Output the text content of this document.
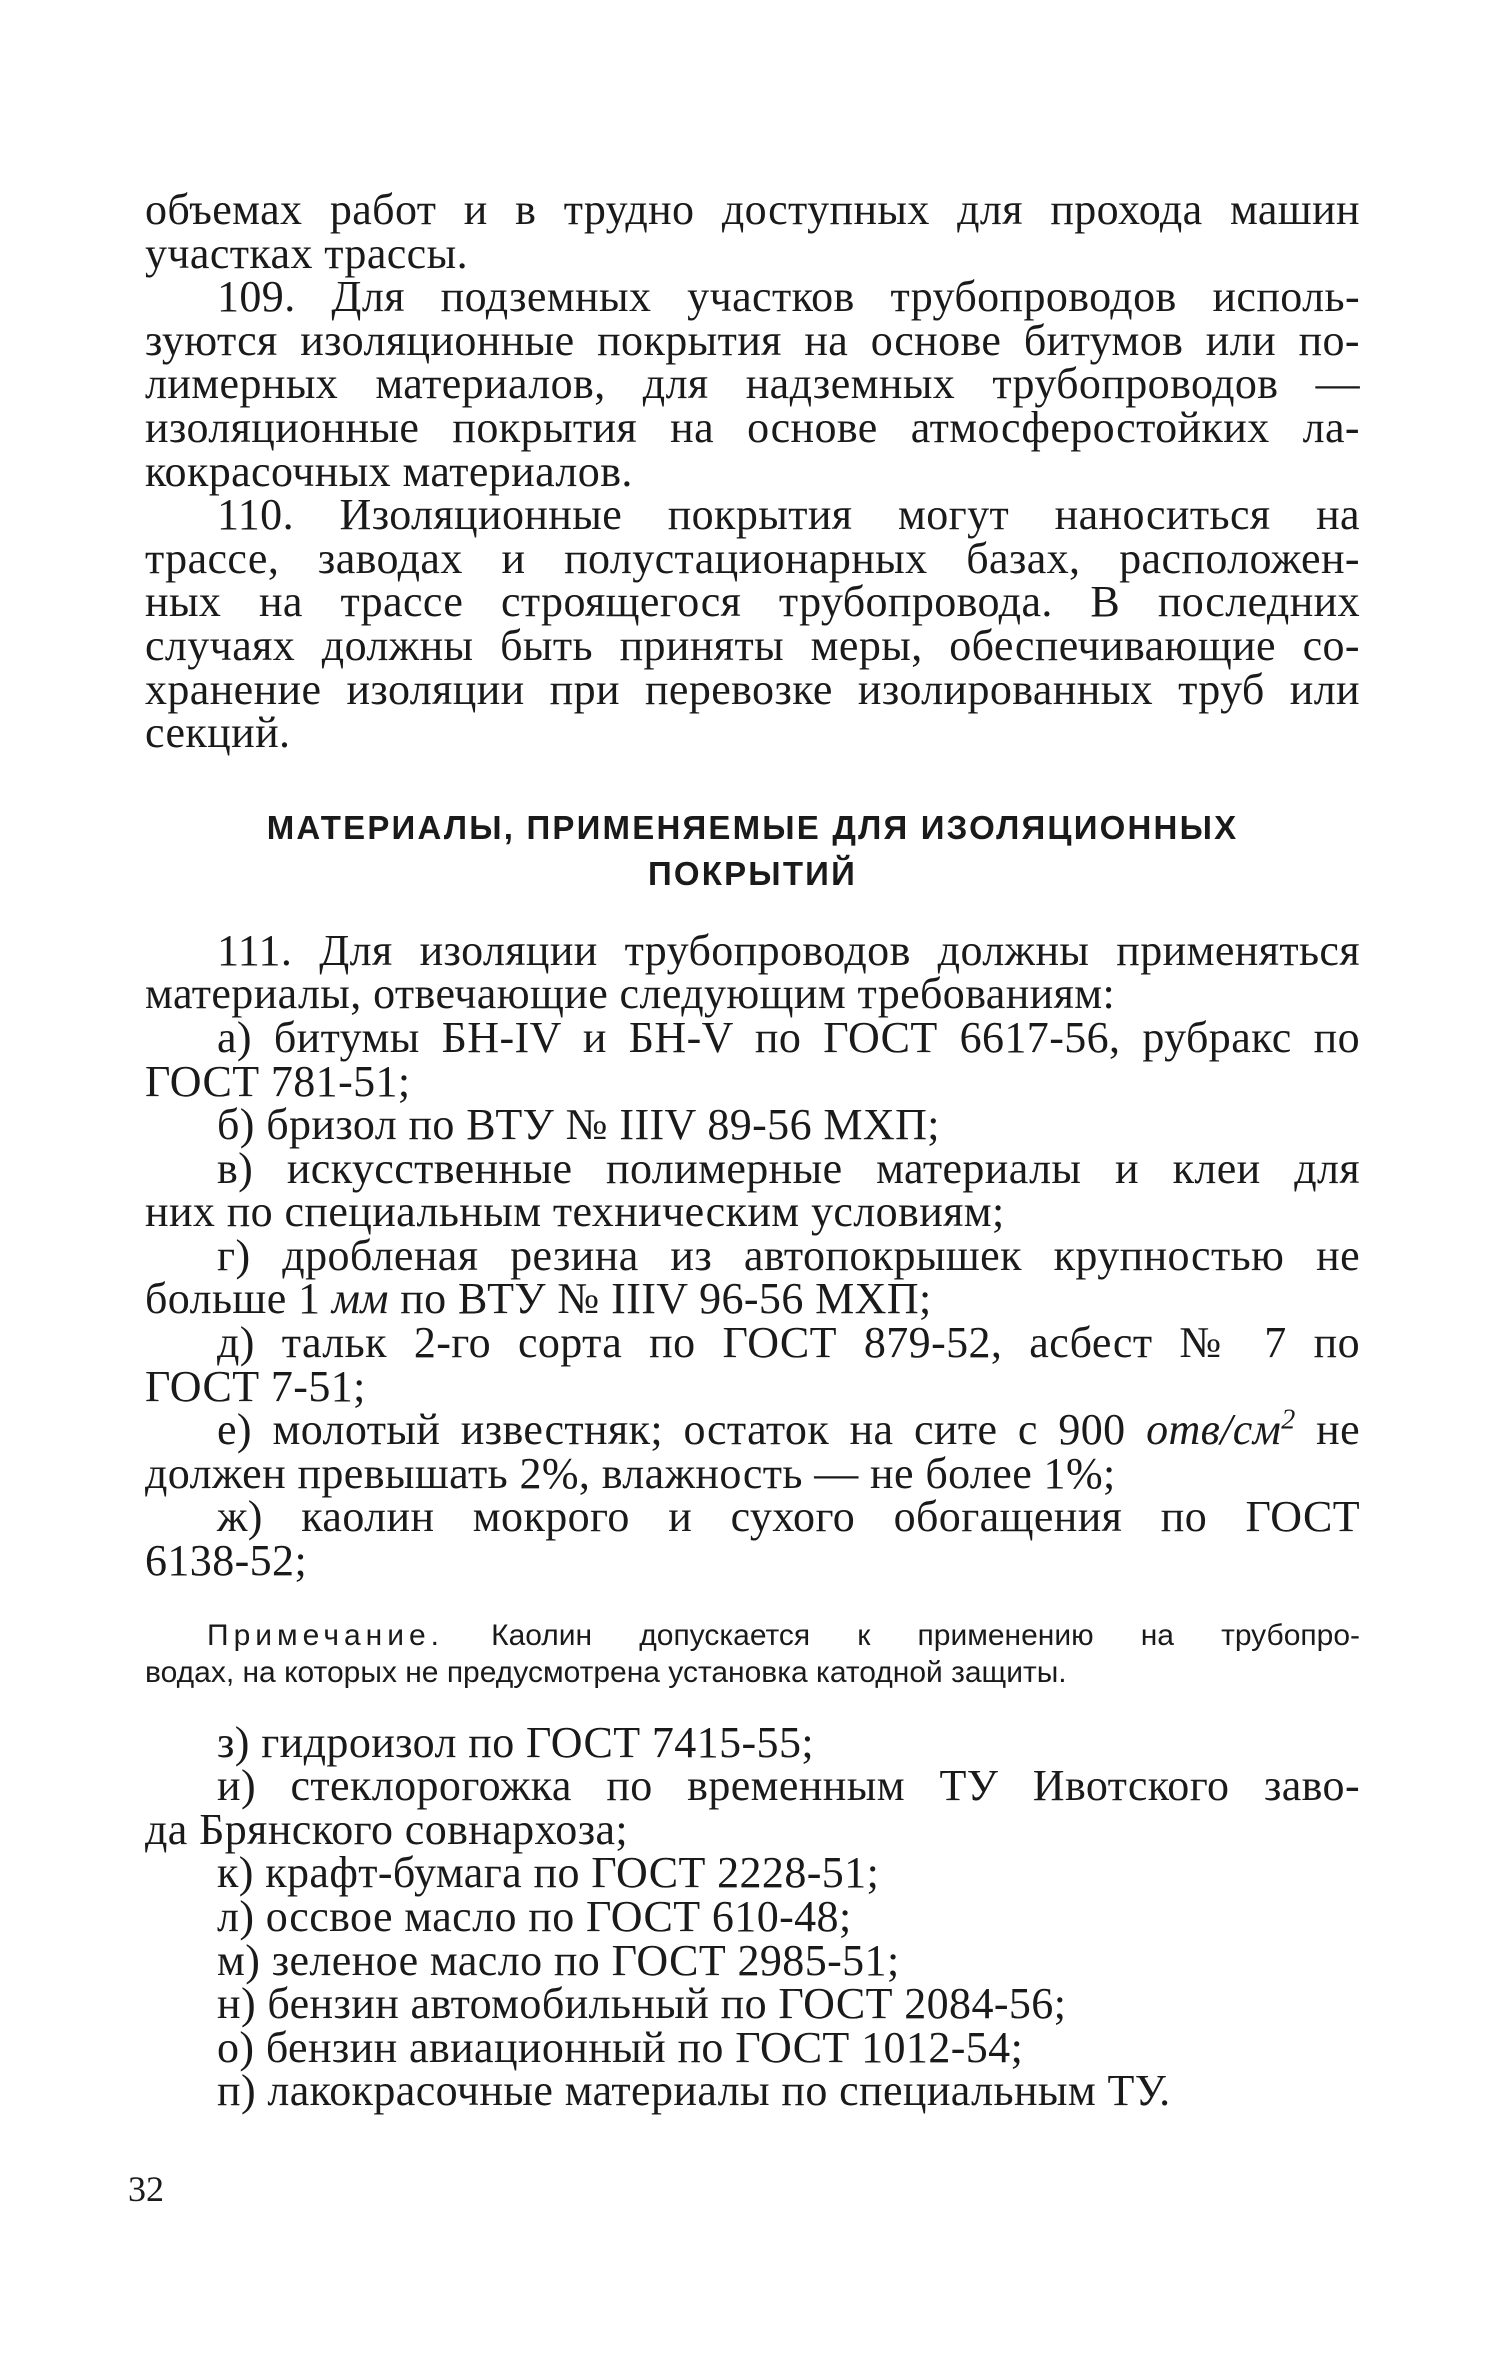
объемах работ и в трудно доступных для прохода машин
участках трассы.
109. Для подземных участков трубопроводов исполь-
зуются изоляционные покрытия на основе битумов или по-
лимерных материалов, для надземных трубопроводов —
изоляционные покрытия на основе атмосферостойких ла-
кокрасочных материалов.
110. Изоляционные покрытия могут наноситься на
трассе, заводах и полустационарных базах, расположен-
ных на трассе строящегося трубопровода. В последних
случаях должны быть приняты меры, обеспечивающие со-
хранение изоляции при перевозке изолированных труб или
секций.
МАТЕРИАЛЫ, ПРИМЕНЯЕМЫЕ ДЛЯ ИЗОЛЯЦИОННЫХ
ПОКРЫТИЙ
111. Для изоляции трубопроводов должны применяться
материалы, отвечающие следующим требованиям:
а) битумы БН-IV и БН-V по ГОСТ 6617-56, рубракс по
ГОСТ 781-51;
б) бризол по ВТУ № IIIV 89-56 МХП;
в) искусственные полимерные материалы и клеи для
них по специальным техническим условиям;
г) дробленая резина из автопокрышек крупностью не
больше 1 мм по ВТУ № IIIV 96-56 МХП;
д) тальк 2-го сорта по ГОСТ 879-52, асбест № 7 по
ГОСТ 7-51;
е) молотый известняк; остаток на сите с 900 отв/$см^2$ не
должен превышать 2%, влажность — не более 1%;
ж) каолин мокрого и сухого обогащения по ГОСТ
6138-52;
Примечание. Каолин допускается к применению на трубопро-
водах, на которых не предусмотрена установка катодной защиты.
з) гидроизол по ГОСТ 7415-55;
и) стеклорогожка по временным ТУ Ивотского заво-
да Брянского совнархоза;
к) крафт-бумага по ГОСТ 2228-51;
л) оссвое масло по ГОСТ 610-48;
м) зеленое масло по ГОСТ 2985-51;
н) бензин автомобильный по ГОСТ 2084-56;
о) бензин авиационный по ГОСТ 1012-54;
п) лакокрасочные материалы по специальным ТУ.
32
